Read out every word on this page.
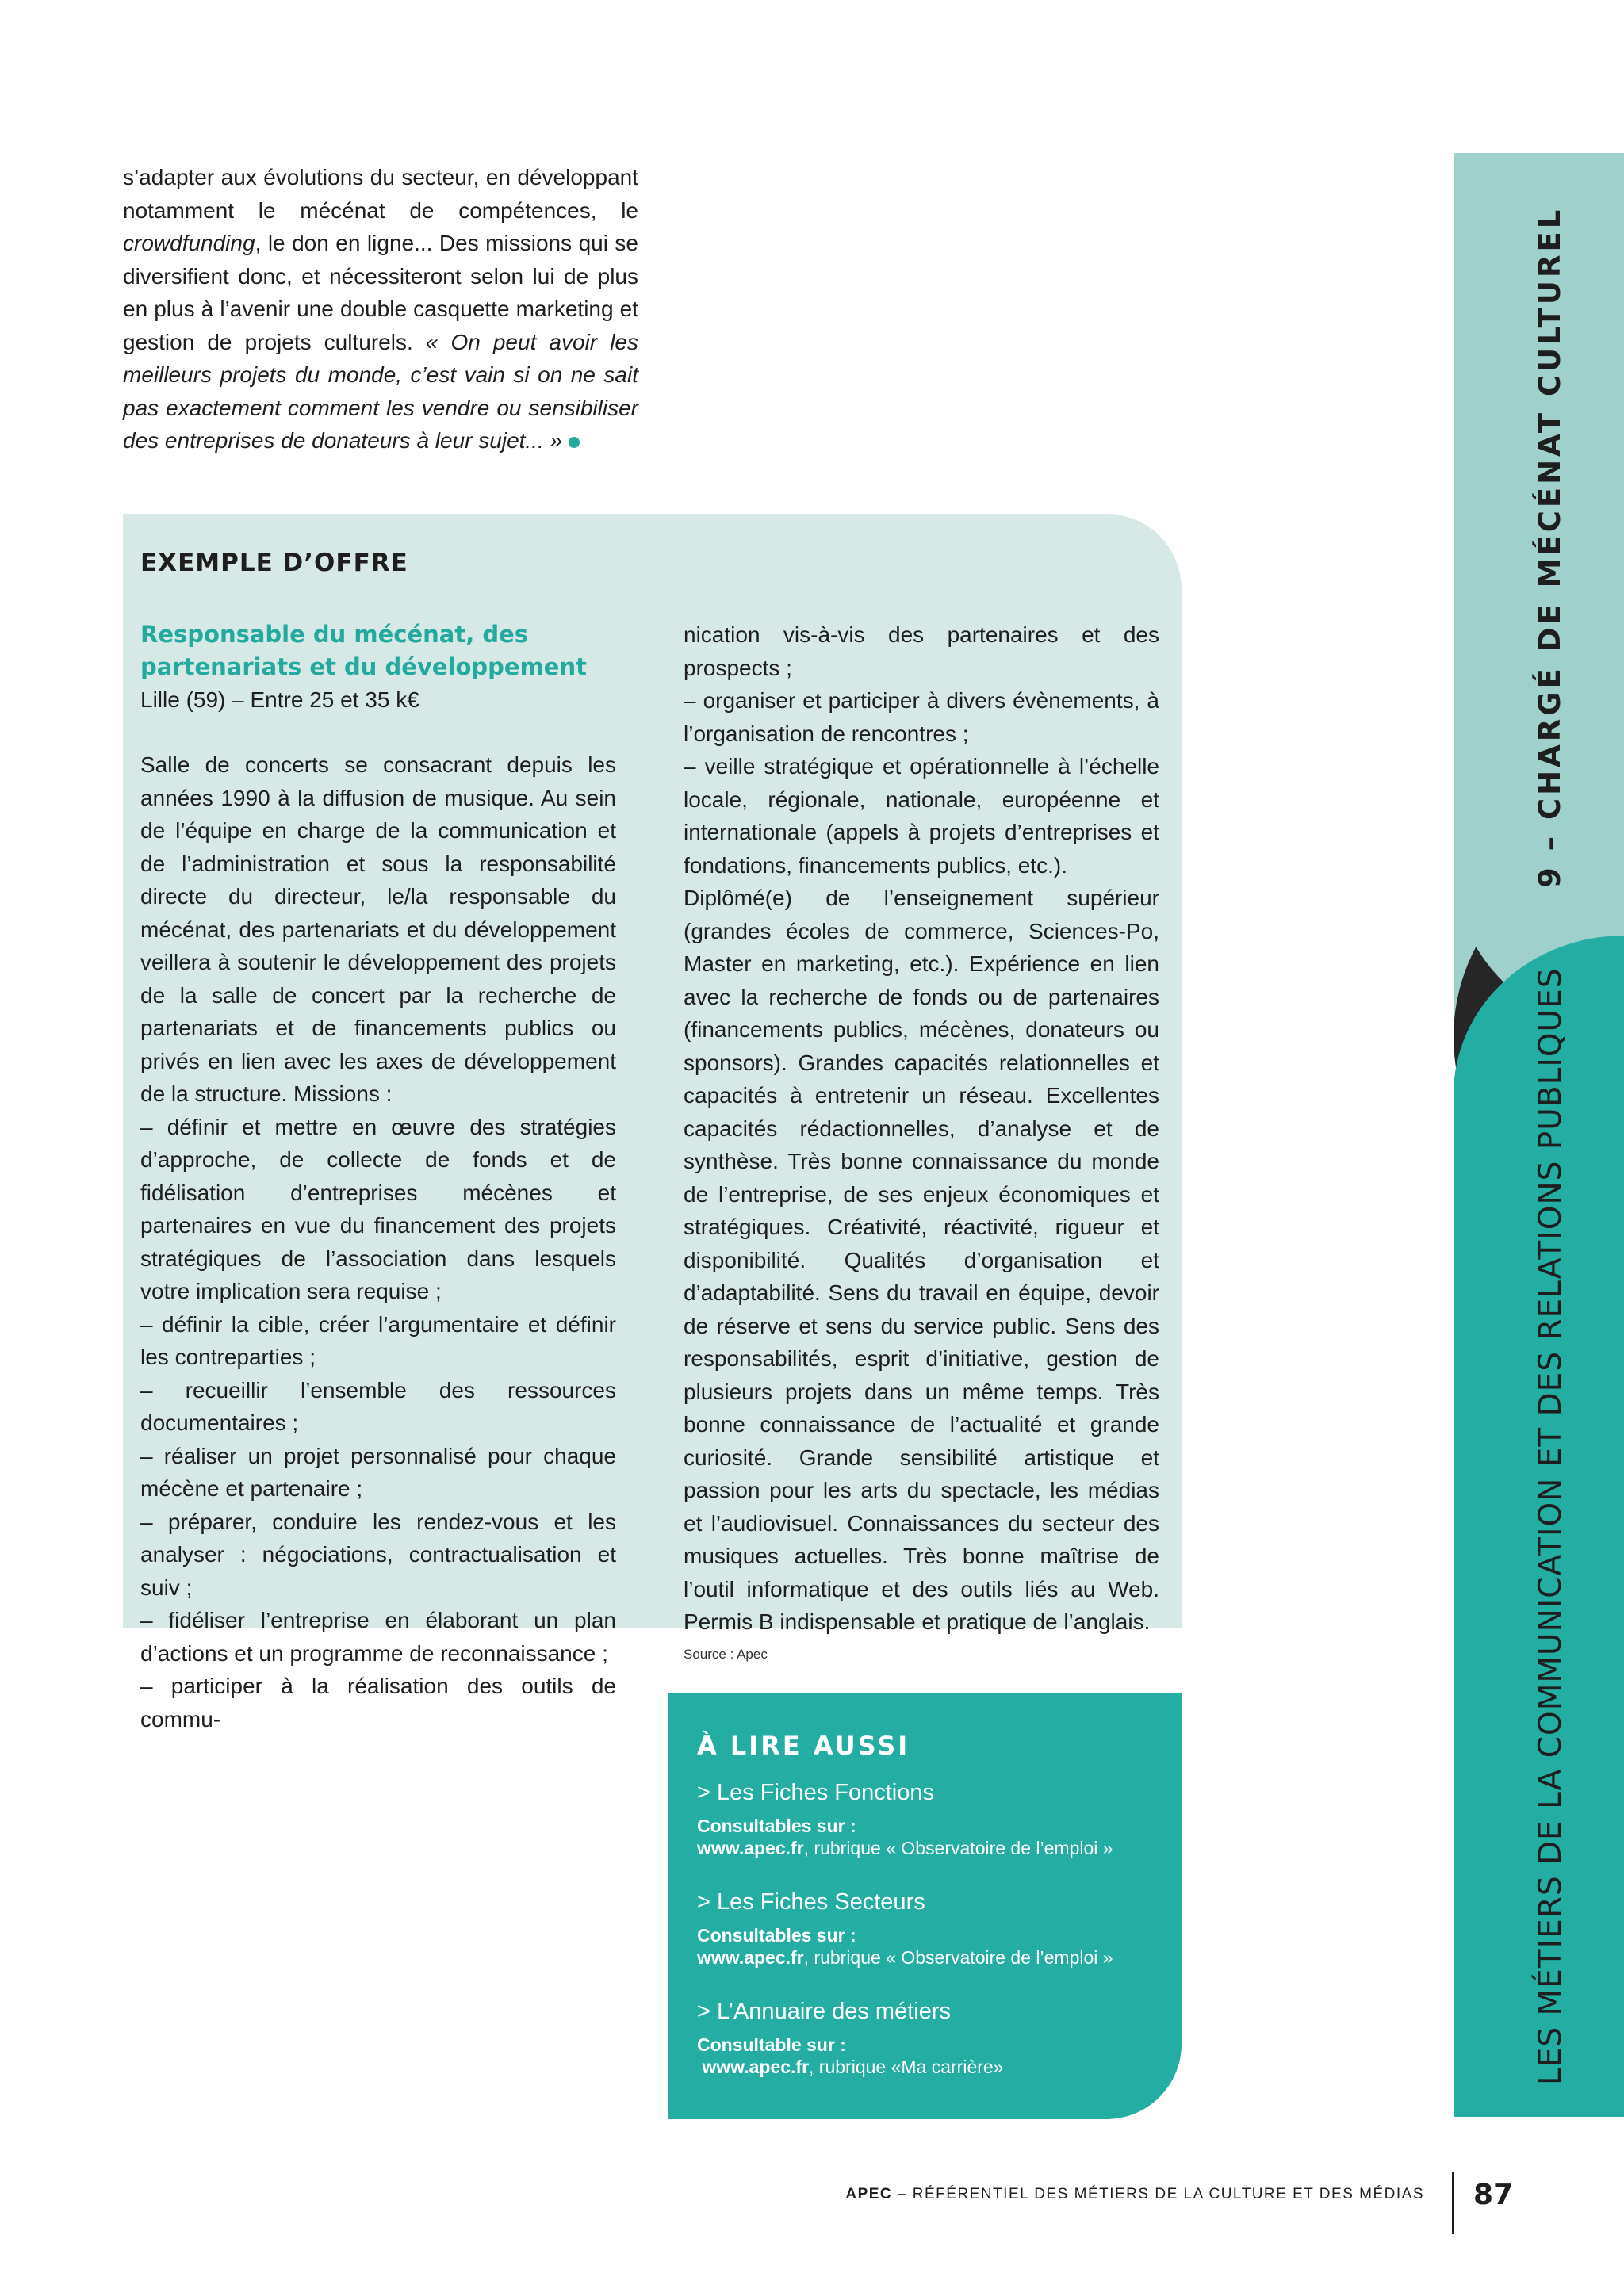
s’adapter aux évolutions du secteur, en développant notamment le mécénat de compétences, le crowdfunding, le don en ligne... Des missions qui se diversifient donc, et nécessiteront selon lui de plus en plus à l’avenir une double casquette marketing et gestion de projets culturels. « On peut avoir les meilleurs projets du monde, c’est vain si on ne sait pas exactement comment les vendre ou sensibiliser des entreprises de donateurs à leur sujet... »
EXEMPLE D’OFFRE

Responsable du mécénat, des partenariats et du développement

Lille (59) – Entre 25 et 35 k€

Salle de concerts se consacrant depuis les années 1990 à la diffusion de musique. Au sein de l’équipe en charge de la communication et de l’administration et sous la responsabilité directe du directeur, le/la responsable du mécénat, des partenariats et du développement veillera à soutenir le développement des projets de la salle de concert par la recherche de partenariats et de financements publics ou privés en lien avec les axes de développement de la structure. Missions :

– définir et mettre en œuvre des stratégies d’approche, de collecte de fonds et de fidélisation d’entreprises mécènes et partenaires en vue du financement des projets stratégiques de l’association dans lesquels votre implication sera requise ;

– définir la cible, créer l’argumentaire et définir les contreparties ;

– recueillir l’ensemble des ressources documentaires ;

– réaliser un projet personnalisé pour chaque mécène et partenaire ;

– préparer, conduire les rendez-vous et les analyser : négociations, contractualisation et suiv ;

– fidéliser l’entreprise en élaborant un plan d’actions et un programme de reconnaissance ;

– participer à la réalisation des outils de commu-

nication vis-à-vis des partenaires et des prospects ;

– organiser et participer à divers évènements, à l’organisation de rencontres ;

– veille stratégique et opérationnelle à l’échelle locale, régionale, nationale, européenne et internationale (appels à projets d’entreprises et fondations, financements publics, etc.).

Diplômé(e) de l’enseignement supérieur (grandes écoles de commerce, Sciences-Po, Master en marketing, etc.). Expérience en lien avec la recherche de fonds ou de partenaires (financements publics, mécènes, donateurs ou sponsors). Grandes capacités relationnelles et capacités à entretenir un réseau. Excellentes capacités rédactionnelles, d’analyse et de synthèse. Très bonne connaissance du monde de l’entreprise, de ses enjeux économiques et stratégiques. Créativité, réactivité, rigueur et disponibilité. Qualités d’organisation et d’adaptabilité. Sens du travail en équipe, devoir de réserve et sens du service public. Sens des responsabilités, esprit d’initiative, gestion de plusieurs projets dans un même temps. Très bonne connaissance de l’actualité et grande curiosité. Grande sensibilité artistique et passion pour les arts du spectacle, les médias et l’audiovisuel. Connaissances du secteur des musiques actuelles. Très bonne maîtrise de l’outil informatique et des outils liés au Web. Permis B indispensable et pratique de l’anglais.

Source : Apec
À LIRE AUSSI

> Les Fiches Fonctions

Consultables sur :

www.apec.fr, rubrique « Observatoire de l’emploi »

> Les Fiches Secteurs

Consultables sur :

www.apec.fr, rubrique « Observatoire de l’emploi »

> L’Annuaire des métiers

Consultable sur :

www.apec.fr, rubrique «Ma carrière»

9 – CHARGÉ DE MÉCÉNAT CULTUREL
LES MÉTIERS DE LA COMMUNICATION ET DES RELATIONS PUBLIQUES
APEC – RÉFÉRENTIEL DES MÉTIERS DE LA CULTURE ET DES MÉDIAS 87
